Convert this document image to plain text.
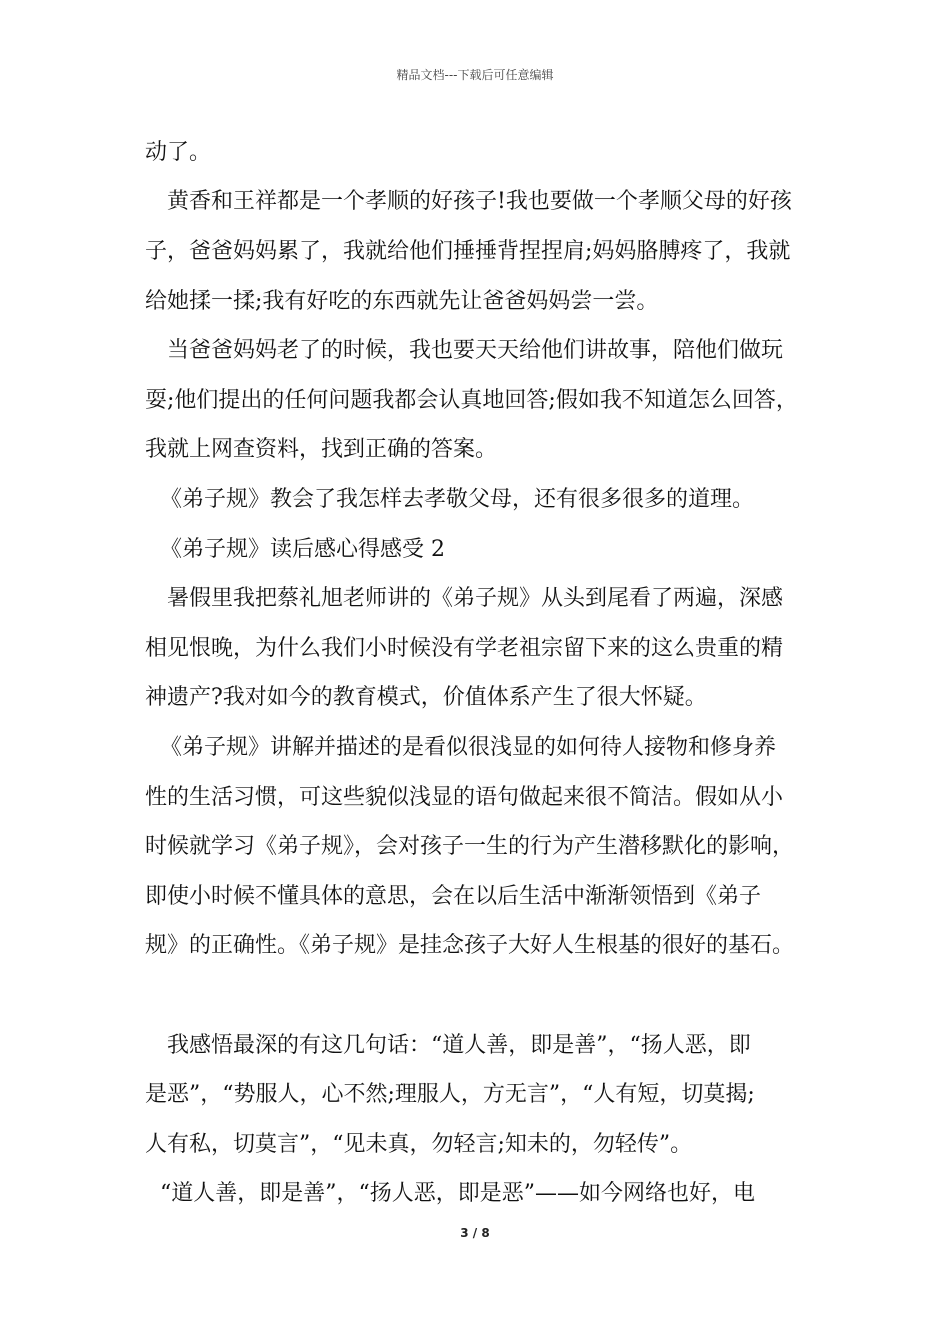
精品文档---下载后可任意编辑
动了。
黄香和王祥都是一个孝顺的好孩子!我也要做一个孝顺父母的好孩
子，爸爸妈妈累了，我就给他们捶捶背捏捏肩;妈妈胳膊疼了，我就
给她揉一揉;我有好吃的东西就先让爸爸妈妈尝一尝。
当爸爸妈妈老了的时候，我也要天天给他们讲故事，陪他们做玩
耍;他们提出的任何问题我都会认真地回答;假如我不知道怎么回答，
我就上网查资料，找到正确的答案。
《弟子规》教会了我怎样去孝敬父母，还有很多很多的道理。
《弟子规》读后感心得感受 2
暑假里我把蔡礼旭老师讲的《弟子规》从头到尾看了两遍，深感
相见恨晚，为什么我们小时候没有学老祖宗留下来的这么贵重的精
神遗产?我对如今的教育模式，价值体系产生了很大怀疑。
《弟子规》讲解并描述的是看似很浅显的如何待人接物和修身养
性的生活习惯，可这些貌似浅显的语句做起来很不简洁。假如从小
时候就学习《弟子规》，会对孩子一生的行为产生潜移默化的影响，
即使小时候不懂具体的意思，会在以后生活中渐渐领悟到《弟子
规》的正确性。《弟子规》是挂念孩子大好人生根基的很好的基石。
我感悟最深的有这几句话：“道人善，即是善”，“扬人恶，即
是恶”，“势服人，心不然;理服人，方无言”，“人有短，切莫揭;
人有私，切莫言”，“见未真，勿轻言;知未的，勿轻传”。
“道人善，即是善”，“扬人恶，即是恶”——如今网络也好，电
3 / 8
